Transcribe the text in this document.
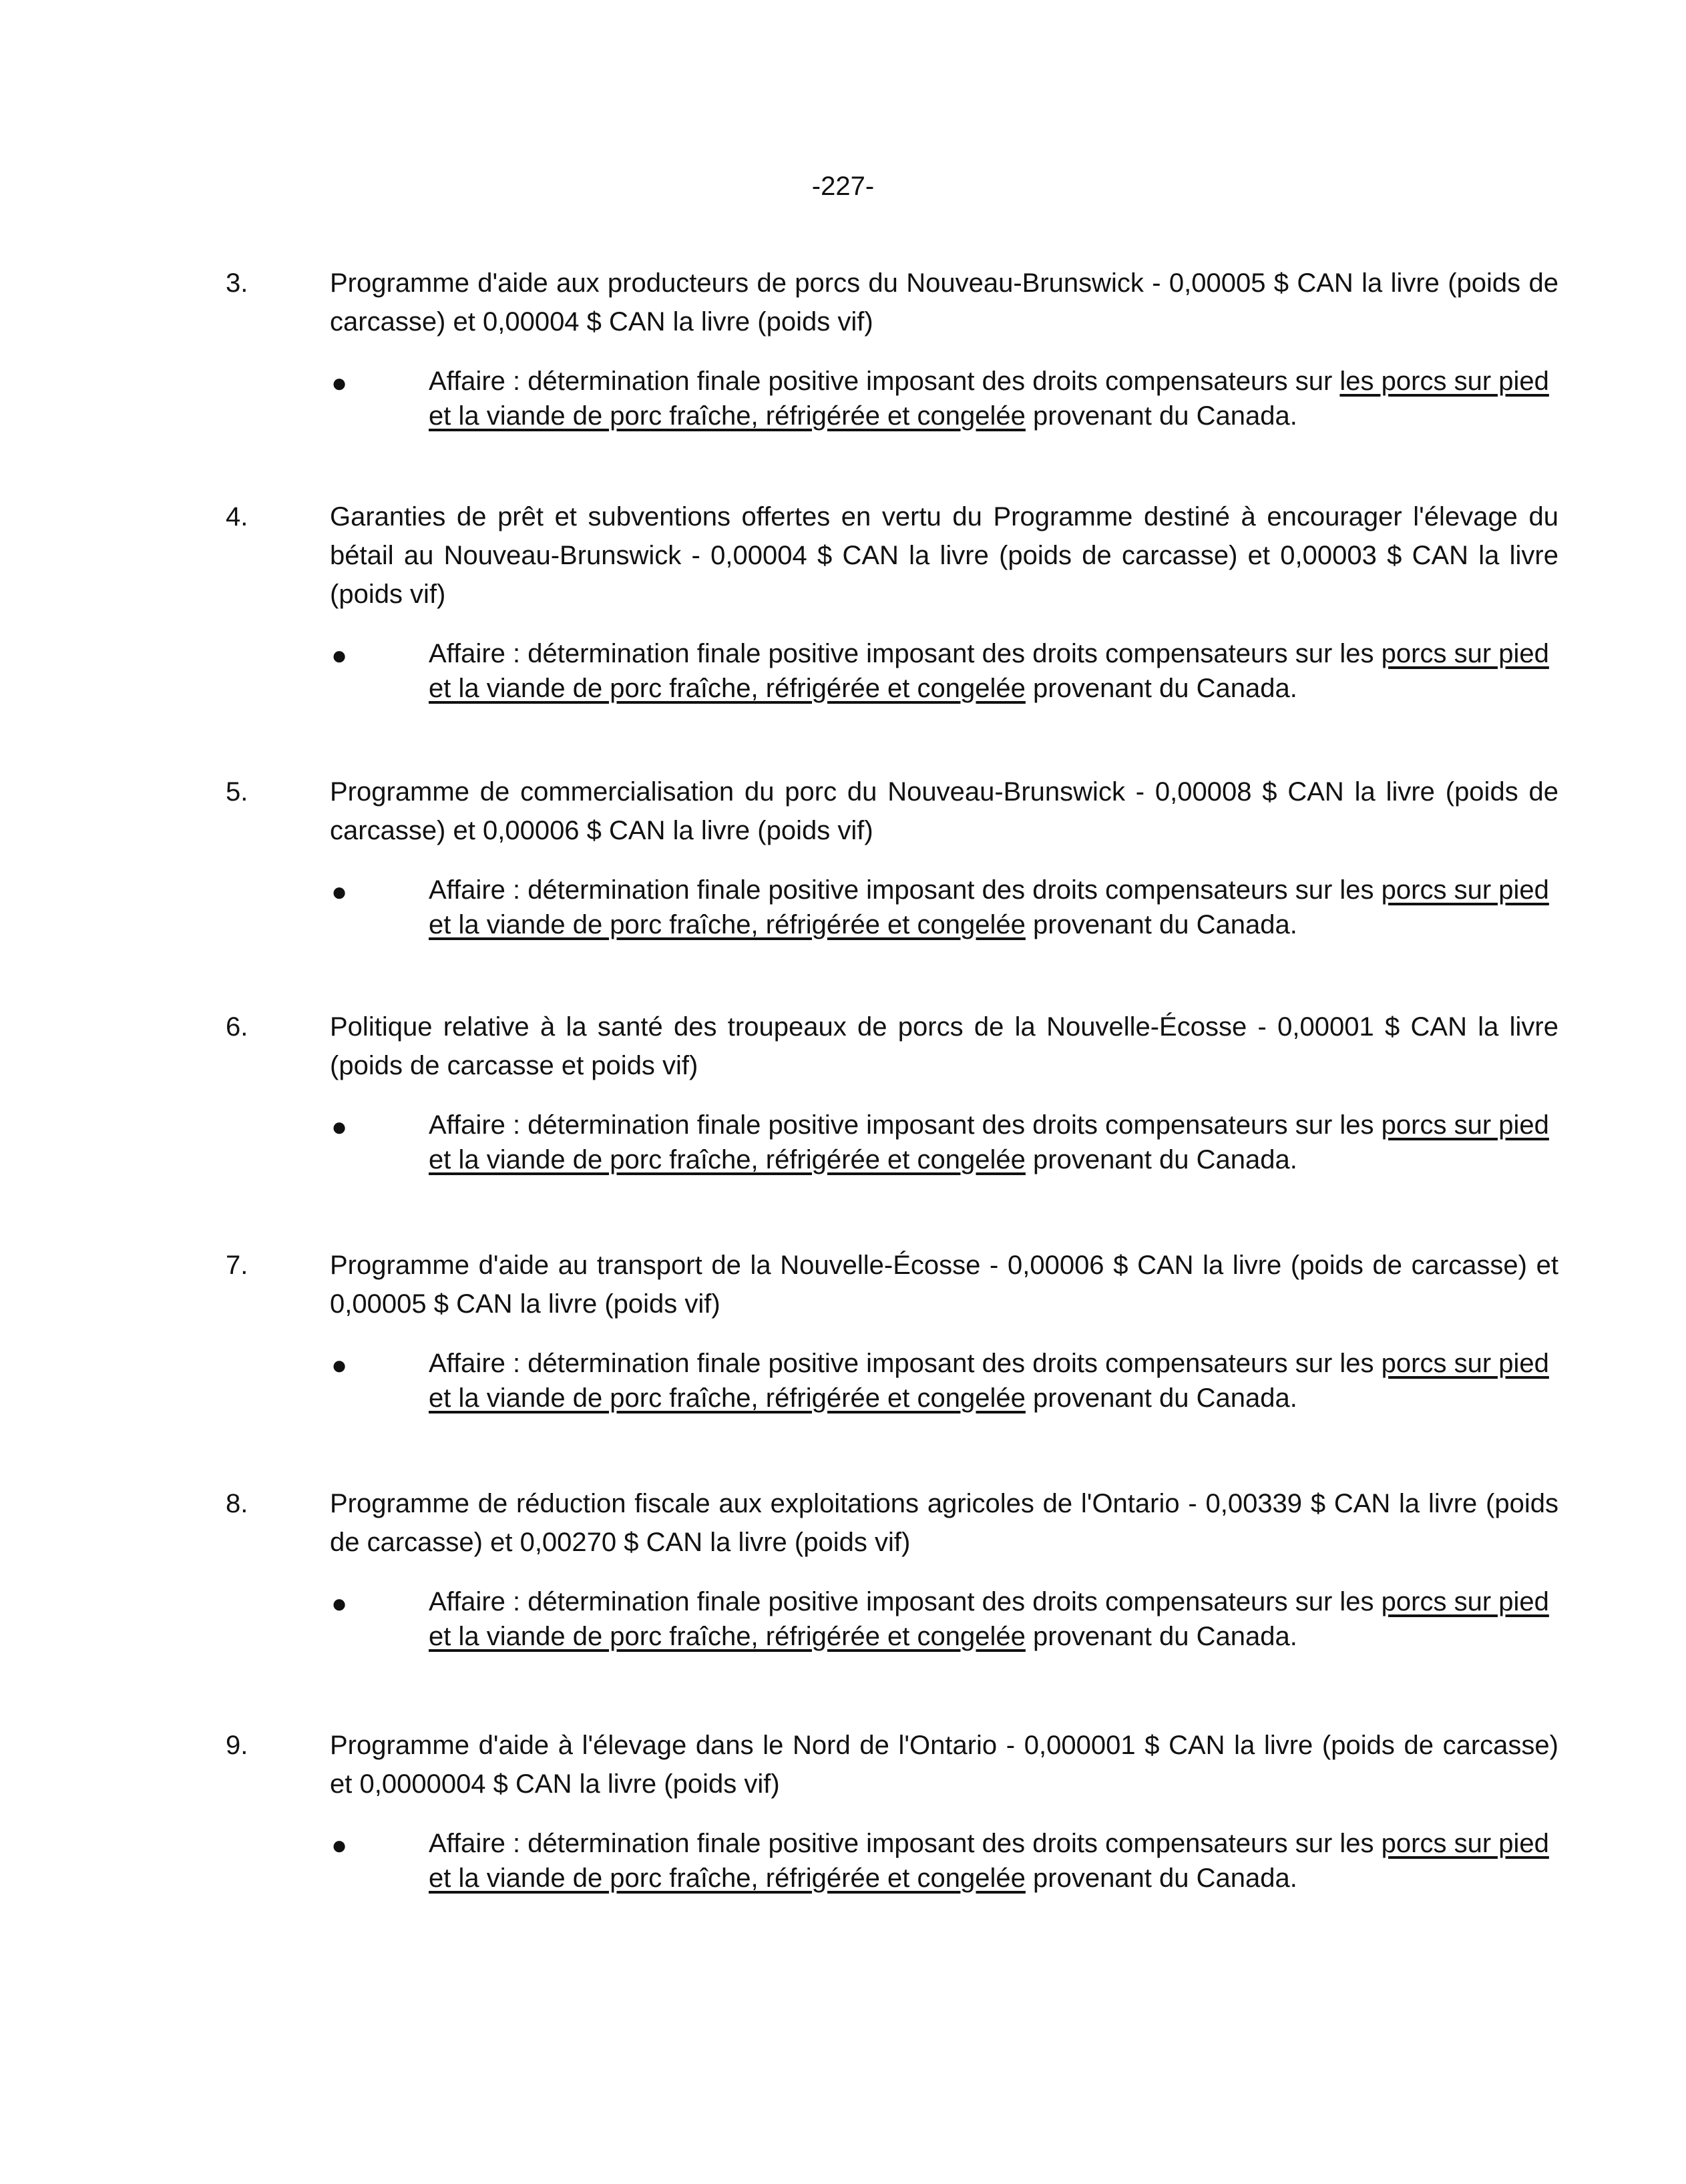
-227-
3.	Programme d'aide aux producteurs de porcs du Nouveau-Brunswick - 0,00005 $ CAN la livre (poids de carcasse) et 0,00004 $ CAN la livre (poids vif)

●	Affaire : détermination finale positive imposant des droits compensateurs sur les porcs sur pied et la viande de porc fraîche, réfrigérée et congelée provenant du Canada.

4.	Garanties de prêt et subventions offertes en vertu du Programme destiné à encourager l'élevage du bétail au Nouveau-Brunswick - 0,00004 $ CAN la livre (poids de carcasse) et 0,00003 $ CAN la livre (poids vif)

●	Affaire : détermination finale positive imposant des droits compensateurs sur les porcs sur pied et la viande de porc fraîche, réfrigérée et congelée provenant du Canada.

5.	Programme de commercialisation du porc du Nouveau-Brunswick - 0,00008 $ CAN la livre (poids de carcasse) et 0,00006 $ CAN la livre (poids vif)

●	Affaire : détermination finale positive imposant des droits compensateurs sur les porcs sur pied et la viande de porc fraîche, réfrigérée et congelée provenant du Canada.

6.	Politique relative à la santé des troupeaux de porcs de la Nouvelle-Écosse - 0,00001 $ CAN la livre (poids de carcasse et poids vif)

●	Affaire : détermination finale positive imposant des droits compensateurs sur les porcs sur pied et la viande de porc fraîche, réfrigérée et congelée provenant du Canada.

7.	Programme d'aide au transport de la Nouvelle-Écosse - 0,00006 $ CAN la livre (poids de carcasse) et 0,00005 $ CAN la livre (poids vif)

●	Affaire : détermination finale positive imposant des droits compensateurs sur les porcs sur pied et la viande de porc fraîche, réfrigérée et congelée provenant du Canada.

8.	Programme de réduction fiscale aux exploitations agricoles de l'Ontario - 0,00339 $ CAN la livre (poids de carcasse) et 0,00270 $ CAN la livre (poids vif)

●	Affaire : détermination finale positive imposant des droits compensateurs sur les porcs sur pied et la viande de porc fraîche, réfrigérée et congelée provenant du Canada.

9.	Programme d'aide à l'élevage dans le Nord de l'Ontario - 0,000001 $ CAN la livre (poids de carcasse) et 0,0000004 $ CAN la livre (poids vif)

●	Affaire : détermination finale positive imposant des droits compensateurs sur les porcs sur pied et la viande de porc fraîche, réfrigérée et congelée provenant du Canada.
